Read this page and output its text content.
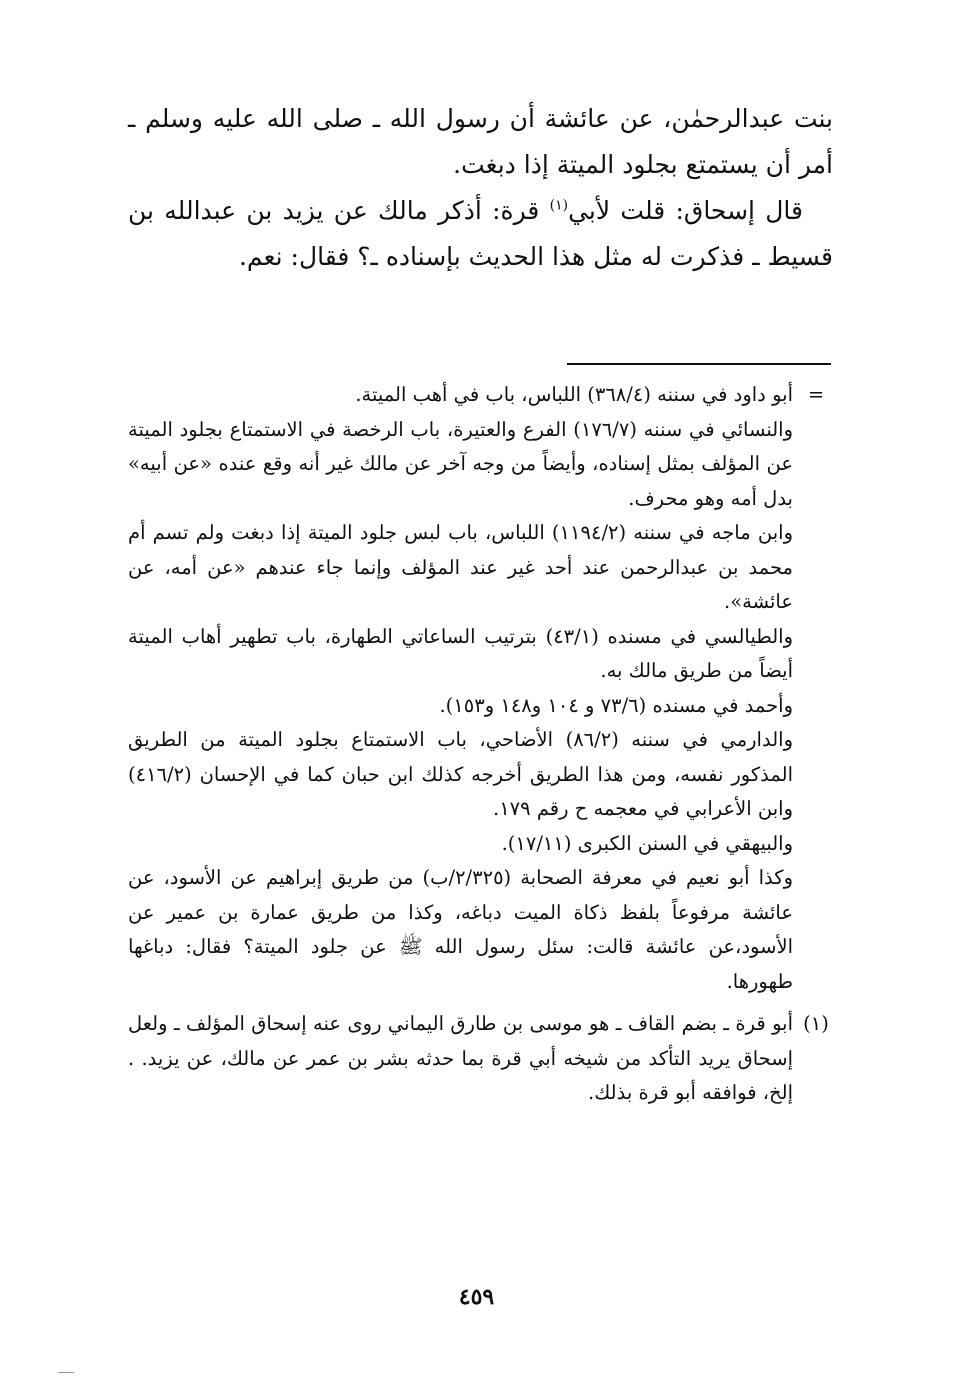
بنت عبدالرحمٰن، عن عائشة أن رسول الله ـ صلى الله عليه وسلم ـ أمر أن يستمتع بجلود الميتة إذا دبغت.

قال إسحاق: قلت لأبي$^{(١)}$ قرة: أذكر مالك عن يزيد بن عبدالله بن قسيط ـ فذكرت له مثل هذا الحديث بإسناده ـ؟ فقال: نعم.

=

أبو داود في سننه (٣٦٨/٤) اللباس، باب في أهب الميتة.

والنسائي في سننه (١٧٦/٧) الفرع والعتيرة، باب الرخصة في الاستمتاع بجلود الميتة عن المؤلف بمثل إسناده، وأيضاً من وجه آخر عن مالك غير أنه وقع عنده «عن أبيه» بدل أمه وهو محرف.

وابن ماجه في سننه (١١٩٤/٢) اللباس، باب لبس جلود الميتة إذا دبغت ولم تسم أم محمد بن عبدالرحمن عند أحد غير عند المؤلف وإنما جاء عندهم «عن أمه، عن عائشة».

والطيالسي في مسنده (٤٣/١) بترتيب الساعاتي الطهارة، باب تطهير أهاب الميتة أيضاً من طريق مالك به.

وأحمد في مسنده (٧٣/٦ و ١٠٤ و١٤٨ و١٥٣).

والدارمي في سننه (٨٦/٢) الأضاحي، باب الاستمتاع بجلود الميتة من الطريق المذكور نفسه، ومن هذا الطريق أخرجه كذلك ابن حبان كما في الإحسان (٤١٦/٢) وابن الأعرابي في معجمه ح رقم ١٧٩.

والبيهقي في السنن الكبرى (١٧/١١).

وكذا أبو نعيم في معرفة الصحابة (٢/٣٢٥/ب) من طريق إبراهيم عن الأسود، عن عائشة مرفوعاً بلفظ ذكاة الميت دباغه، وكذا من طريق عمارة بن عمير عن الأسود،عن عائشة قالت: سئل رسول الله ﷺ عن جلود الميتة؟ فقال: دباغها طهورها.

(١)

أبو قرة ـ بضم القاف ـ هو موسى بن طارق اليماني روى عنه إسحاق المؤلف ـ ولعل إسحاق يريد التأكد من شيخه أبي قرة بما حدثه بشر بن عمر عن مالك، عن يزيد. . إلخ، فوافقه أبو قرة بذلك.

٤٥٩
